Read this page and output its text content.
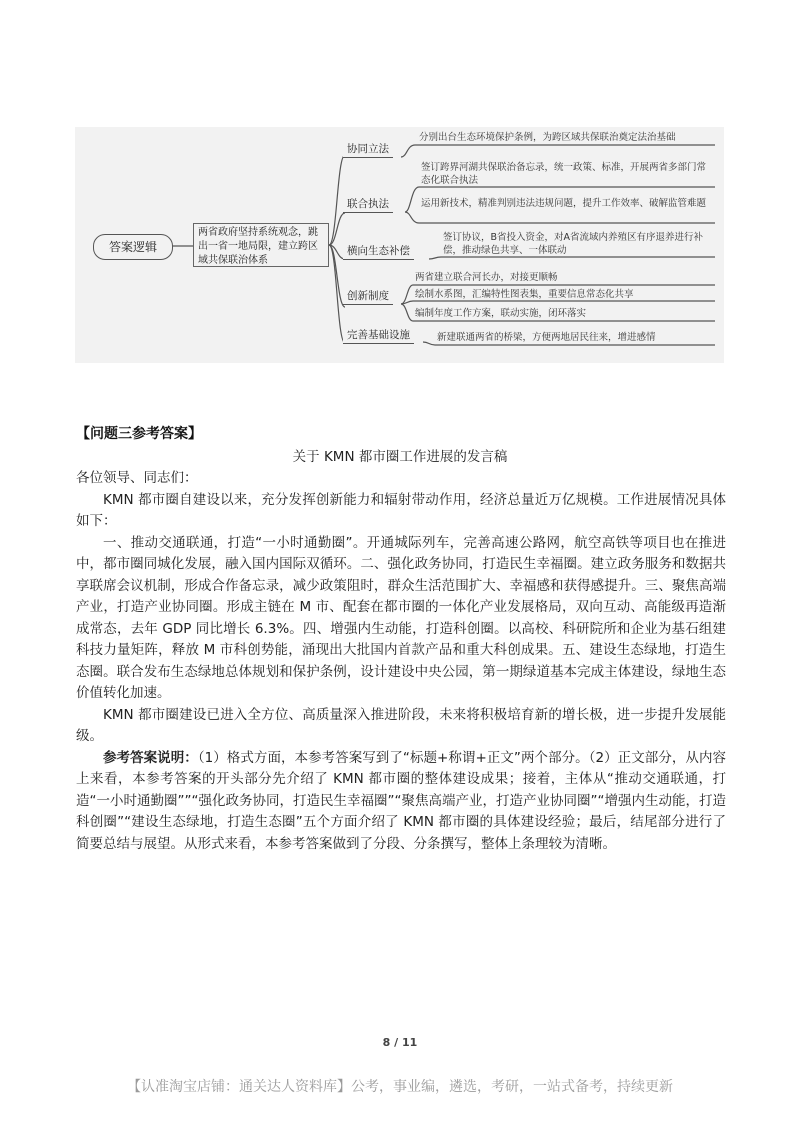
答案逻辑
两省政府坚持系统观念，跳出一省一地局限，建立跨区域共保联治体系
协同立法
联合执法
横向生态补偿
创新制度
完善基础设施
分别出台生态环境保护条例，为跨区域共保联治奠定法治基础
签订跨界河湖共保联治备忘录，统一政策、标准，开展两省多部门常态化联合执法
运用新技术，精准判别违法违规问题，提升工作效率、破解监管难题
签订协议，B省投入资金，对A省流域内养殖区有序退养进行补偿，推动绿色共享、一体联动
两省建立联合河长办，对接更顺畅
绘制水系图，汇编特性图表集，重要信息常态化共享
编制年度工作方案，联动实施，闭环落实
新建联通两省的桥梁，方便两地居民往来，增进感情
【问题三参考答案】
关于 KMN 都市圈工作进展的发言稿

各位领导、同志们：

KMN 都市圈自建设以来，充分发挥创新能力和辐射带动作用，经济总量近万亿规模。工作进展情况具体如下：

一、推动交通联通，打造“一小时通勤圈”。开通城际列车，完善高速公路网，航空高铁等项目也在推进中，都市圈同城化发展，融入国内国际双循环。二、强化政务协同，打造民生幸福圈。建立政务服务和数据共享联席会议机制，形成合作备忘录，减少政策阻时，群众生活范围扩大、幸福感和获得感提升。三、聚焦高端产业，打造产业协同圈。形成主链在 M 市、配套在都市圈的一体化产业发展格局，双向互动、高能级再造渐成常态，去年 GDP 同比增长 6.3%。四、增强内生动能，打造科创圈。以高校、科研院所和企业为基石组建科技力量矩阵，释放 M 市科创势能，涌现出大批国内首款产品和重大科创成果。五、建设生态绿地，打造生态圈。联合发布生态绿地总体规划和保护条例，设计建设中央公园，第一期绿道基本完成主体建设，绿地生态价值转化加速。

KMN 都市圈建设已进入全方位、高质量深入推进阶段，未来将积极培育新的增长极，进一步提升发展能级。

参考答案说明：（1）格式方面，本参考答案写到了“标题+称谓+正文”两个部分。（2）正文部分，从内容上来看，本参考答案的开头部分先介绍了 KMN 都市圈的整体建设成果；接着，主体从“推动交通联通，打造“一小时通勤圈””“强化政务协同，打造民生幸福圈”“聚焦高端产业，打造产业协同圈”“增强内生动能，打造科创圈”“建设生态绿地，打造生态圈”五个方面介绍了 KMN 都市圈的具体建设经验；最后，结尾部分进行了简要总结与展望。从形式来看，本参考答案做到了分段、分条撰写，整体上条理较为清晰。

8 / 11
【认准淘宝店铺：通关达人资料库】公考，事业编，遴选，考研，一站式备考，持续更新
